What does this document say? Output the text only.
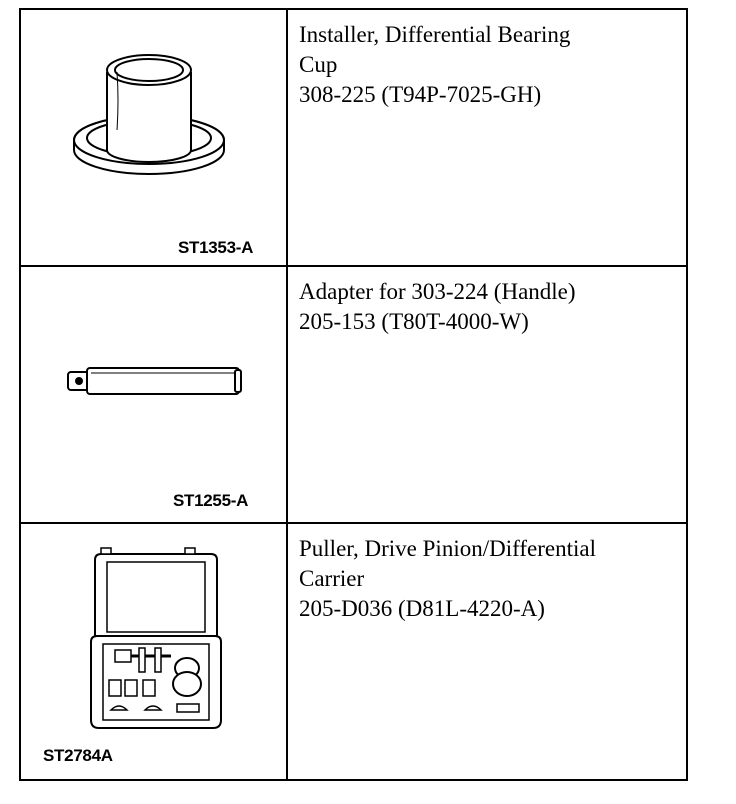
ST1353-A	Installer, Differential Bearing
Cup
308-225 (T94P-7025-GH)

ST1255-A	Adapter for 303-224 (Handle)
205-153 (T80T-4000-W)

ST2784A	Puller, Drive Pinion/Differential
Carrier
205-D036 (D81L-4220-A)
